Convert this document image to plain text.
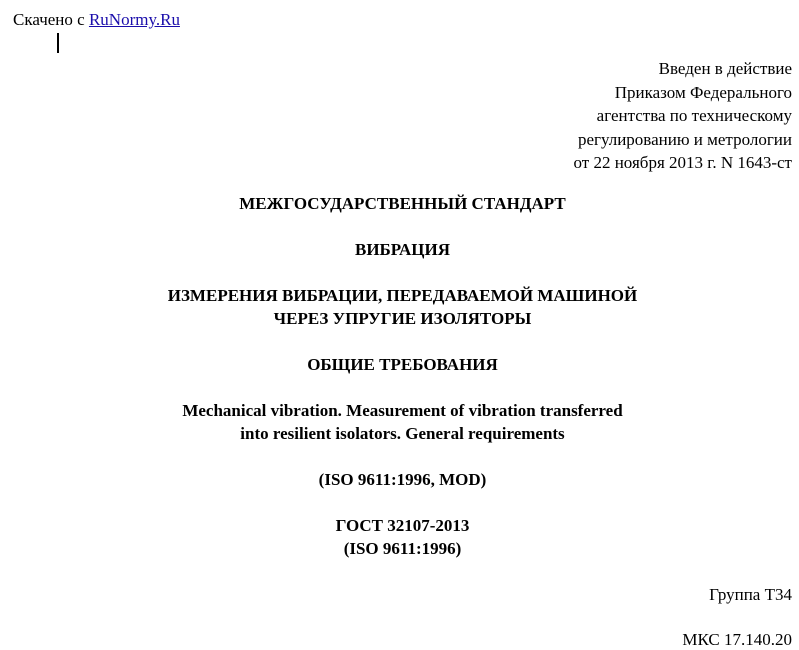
Скачено с RuNormy.Ru
Введен в действие
Приказом Федерального
агентства по техническому
регулированию и метрологии
от 22 ноября 2013 г. N 1643-ст
МЕЖГОСУДАРСТВЕННЫЙ СТАНДАРТ
ВИБРАЦИЯ
ИЗМЕРЕНИЯ ВИБРАЦИИ, ПЕРЕДАВАЕМОЙ МАШИНОЙ
ЧЕРЕЗ УПРУГИЕ ИЗОЛЯТОРЫ
ОБЩИЕ ТРЕБОВАНИЯ
Mechanical vibration. Measurement of vibration transferred
into resilient isolators. General requirements
(ISO 9611:1996, MOD)
ГОСТ 32107-2013
(ISO 9611:1996)
Группа Т34
МКС 17.140.20
